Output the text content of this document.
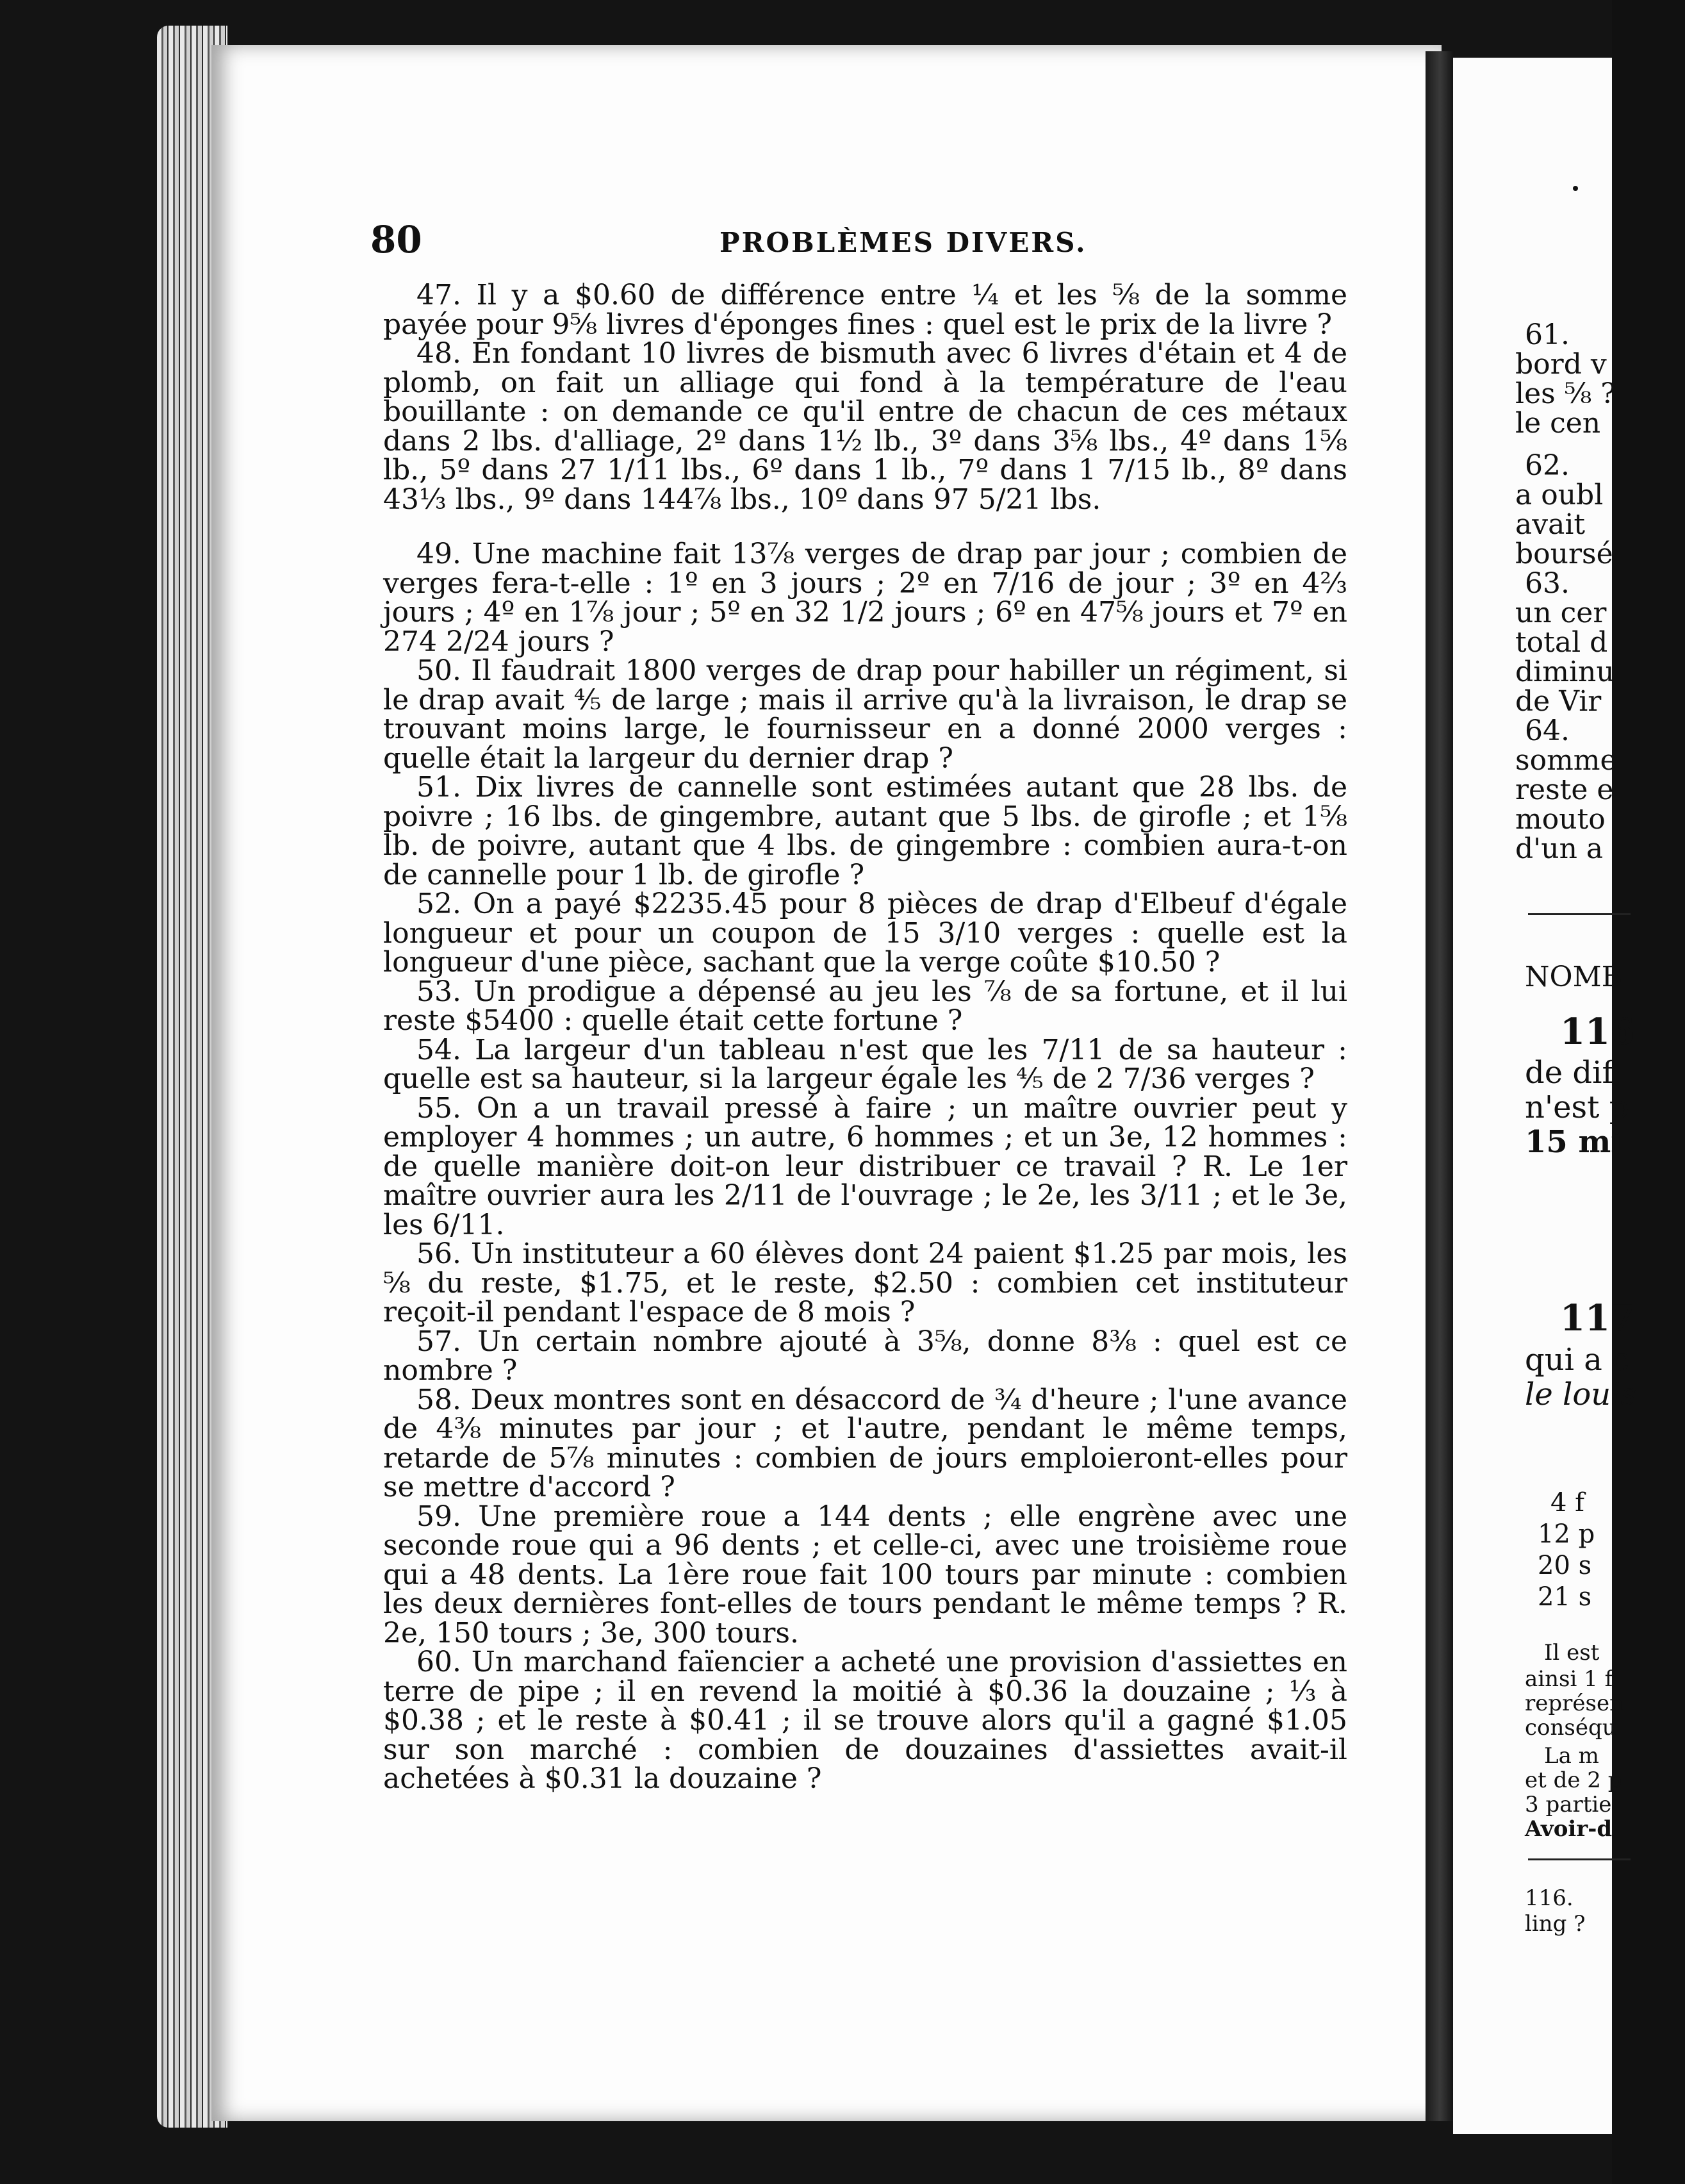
80	PROBLÈMES DIVERS.

47. Il y a $0.60 de différence entre ¼ et les ⅝ de la somme payée pour 9⅝ livres d'éponges fines : quel est le prix de la livre ?

48. En fondant 10 livres de bismuth avec 6 livres d'étain et 4 de plomb, on fait un alliage qui fond à la température de l'eau bouillante : on demande ce qu'il entre de chacun de ces métaux dans 2 lbs. d'alliage, 2º dans 1½ lb., 3º dans 3⅝ lbs., 4º dans 1⅝ lb., 5º dans 27 1/11 lbs., 6º dans 1 lb., 7º dans 1 7/15 lb., 8º dans 43⅓ lbs., 9º dans 144⅞ lbs., 10º dans 97 5/21 lbs.

49. Une machine fait 13⅞ verges de drap par jour ; combien de verges fera-t-elle : 1º en 3 jours ; 2º en 7/16 de jour ; 3º en 4⅔ jours ; 4º en 1⅞ jour ; 5º en 32 1/2 jours ; 6º en 47⅝ jours et 7º en 274 2/24 jours ?

50. Il faudrait 1800 verges de drap pour habiller un régiment, si le drap avait ⅘ de large ; mais il arrive qu'à la livraison, le drap se trouvant moins large, le fournisseur en a donné 2000 verges : quelle était la largeur du dernier drap ?

51. Dix livres de cannelle sont estimées autant que 28 lbs. de poivre ; 16 lbs. de gingembre, autant que 5 lbs. de girofle ; et 1⅝ lb. de poivre, autant que 4 lbs. de gingembre : combien aura-t-on de cannelle pour 1 lb. de girofle ?

52. On a payé $2235.45 pour 8 pièces de drap d'Elbeuf d'égale longueur et pour un coupon de 15 3/10 verges : quelle est la longueur d'une pièce, sachant que la verge coûte $10.50 ?

53. Un prodigue a dépensé au jeu les ⅞ de sa fortune, et il lui reste $5400 : quelle était cette fortune ?

54. La largeur d'un tableau n'est que les 7/11 de sa hauteur : quelle est sa hauteur, si la largeur égale les ⅘ de 2 7/36 verges ?

55. On a un travail pressé à faire ; un maître ouvrier peut y employer 4 hommes ; un autre, 6 hommes ; et un 3e, 12 hommes : de quelle manière doit-on leur distribuer ce travail ? R. Le 1er maître ouvrier aura les 2/11 de l'ouvrage ; le 2e, les 3/11 ; et le 3e, les 6/11.

56. Un instituteur a 60 élèves dont 24 paient $1.25 par mois, les ⅝ du reste, $1.75, et le reste, $2.50 : combien cet instituteur reçoit-il pendant l'espace de 8 mois ?

57. Un certain nombre ajouté à 3⅝, donne 8⅜ : quel est ce nombre ?

58. Deux montres sont en désaccord de ¾ d'heure ; l'une avance de 4⅜ minutes par jour ; et l'autre, pendant le même temps, retarde de 5⅞ minutes : combien de jours emploieront-elles pour se mettre d'accord ?

59. Une première roue a 144 dents ; elle engrène avec une seconde roue qui a 96 dents ; et celle-ci, avec une troisième roue qui a 48 dents. La 1ère roue fait 100 tours par minute : combien les deux dernières font-elles de tours pendant le même temps ? R. 2e, 150 tours ; 3e, 300 tours.

60. Un marchand faïencier a acheté une provision d'assiettes en terre de pipe ; il en revend la moitié à $0.36 la douzaine ; ⅓ à $0.38 ; et le reste à $0.41 ; il se trouve alors qu'il a gagné $1.05 sur son marché : combien de douzaines d'assiettes avait-il achetées à $0.31 la douzaine ?

61.
bord v
les ⅝ ?
le cen
62.
a oubl
avait
boursé
63.
un cer
total d
diminu
de Vir
64.
somme
reste e
mouto
d'un a
NOMB
116
de dif
n'est p
15 mi
117
qui a c
le louis
4 f
12 p
20 s
21 s
Il est
ainsi 1 f
représen
conséqu
La m
et de 2 p
3 partie
Avoir-d
116.
ling ?
